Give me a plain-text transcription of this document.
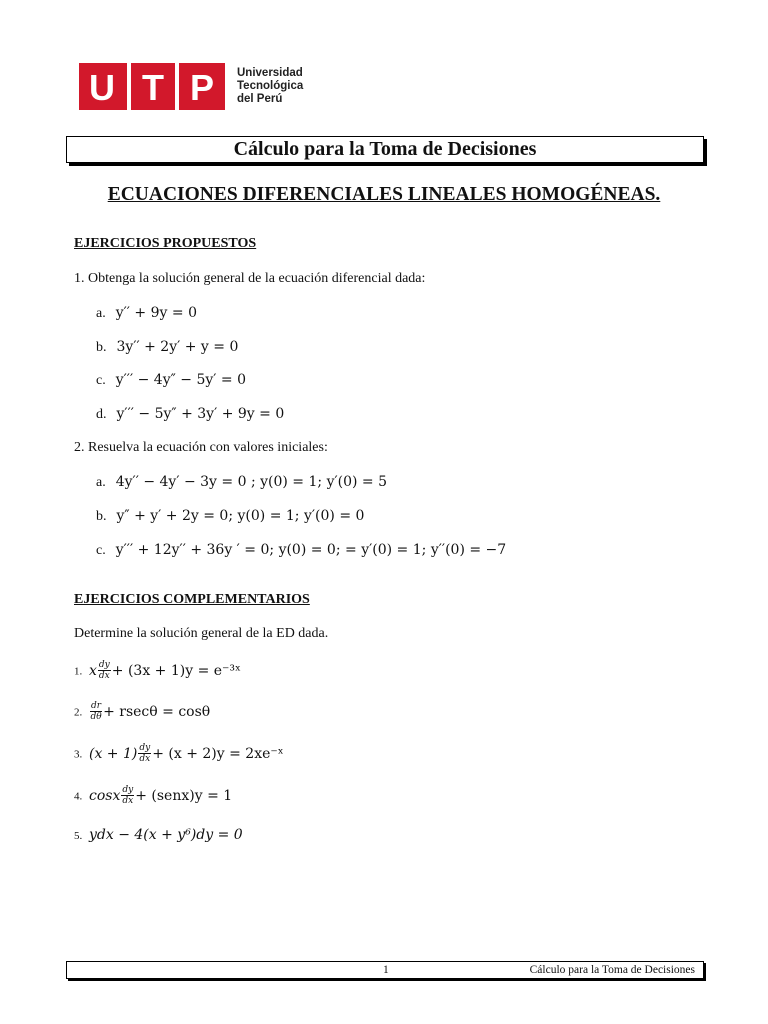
U T P Universidad
Tecnológica
del Perú
Cálculo para la Toma de Decisiones
ECUACIONES DIFERENCIALES LINEALES HOMOGÉNEAS.
EJERCICIOS PROPUESTOS
1. Obtenga la solución general de la ecuación diferencial dada:
a. y′′ + 9y = 0
b. 3y′′ + 2y′ + y = 0
c. y′′′ − 4y″ − 5y′ = 0
d. y′′′ − 5y″ + 3y′ + 9y = 0
2. Resuelva la ecuación con valores iniciales:
a. 4y′′ − 4y′ − 3y = 0 ; y(0) = 1; y′(0) = 5
b. y″ + y′ + 2y = 0; y(0) = 1; y′(0) = 0
c. y′′′ + 12y′′ + 36y ′ = 0; y(0) = 0; = y′(0) = 1; y′′(0) = −7
EJERCICIOS COMPLEMENTARIOS
Determine la solución general de la ED dada.
1. x $\frac{dy}{dx} + (3x + 1)y$ = e⁻³ˣ
2. $\frac{dr}{d\theta} + rsec\theta = \cos\theta$
3. $(x + 1) \frac{dy}{dx} + (x + 2)y$ = 2xe⁻ˣ
4. cosx $\frac{dy}{dx}$ + (senx)y = 1
5. ydx − 4(x + y⁶)dy = 0
1	Cálculo para la Toma de Decisiones
